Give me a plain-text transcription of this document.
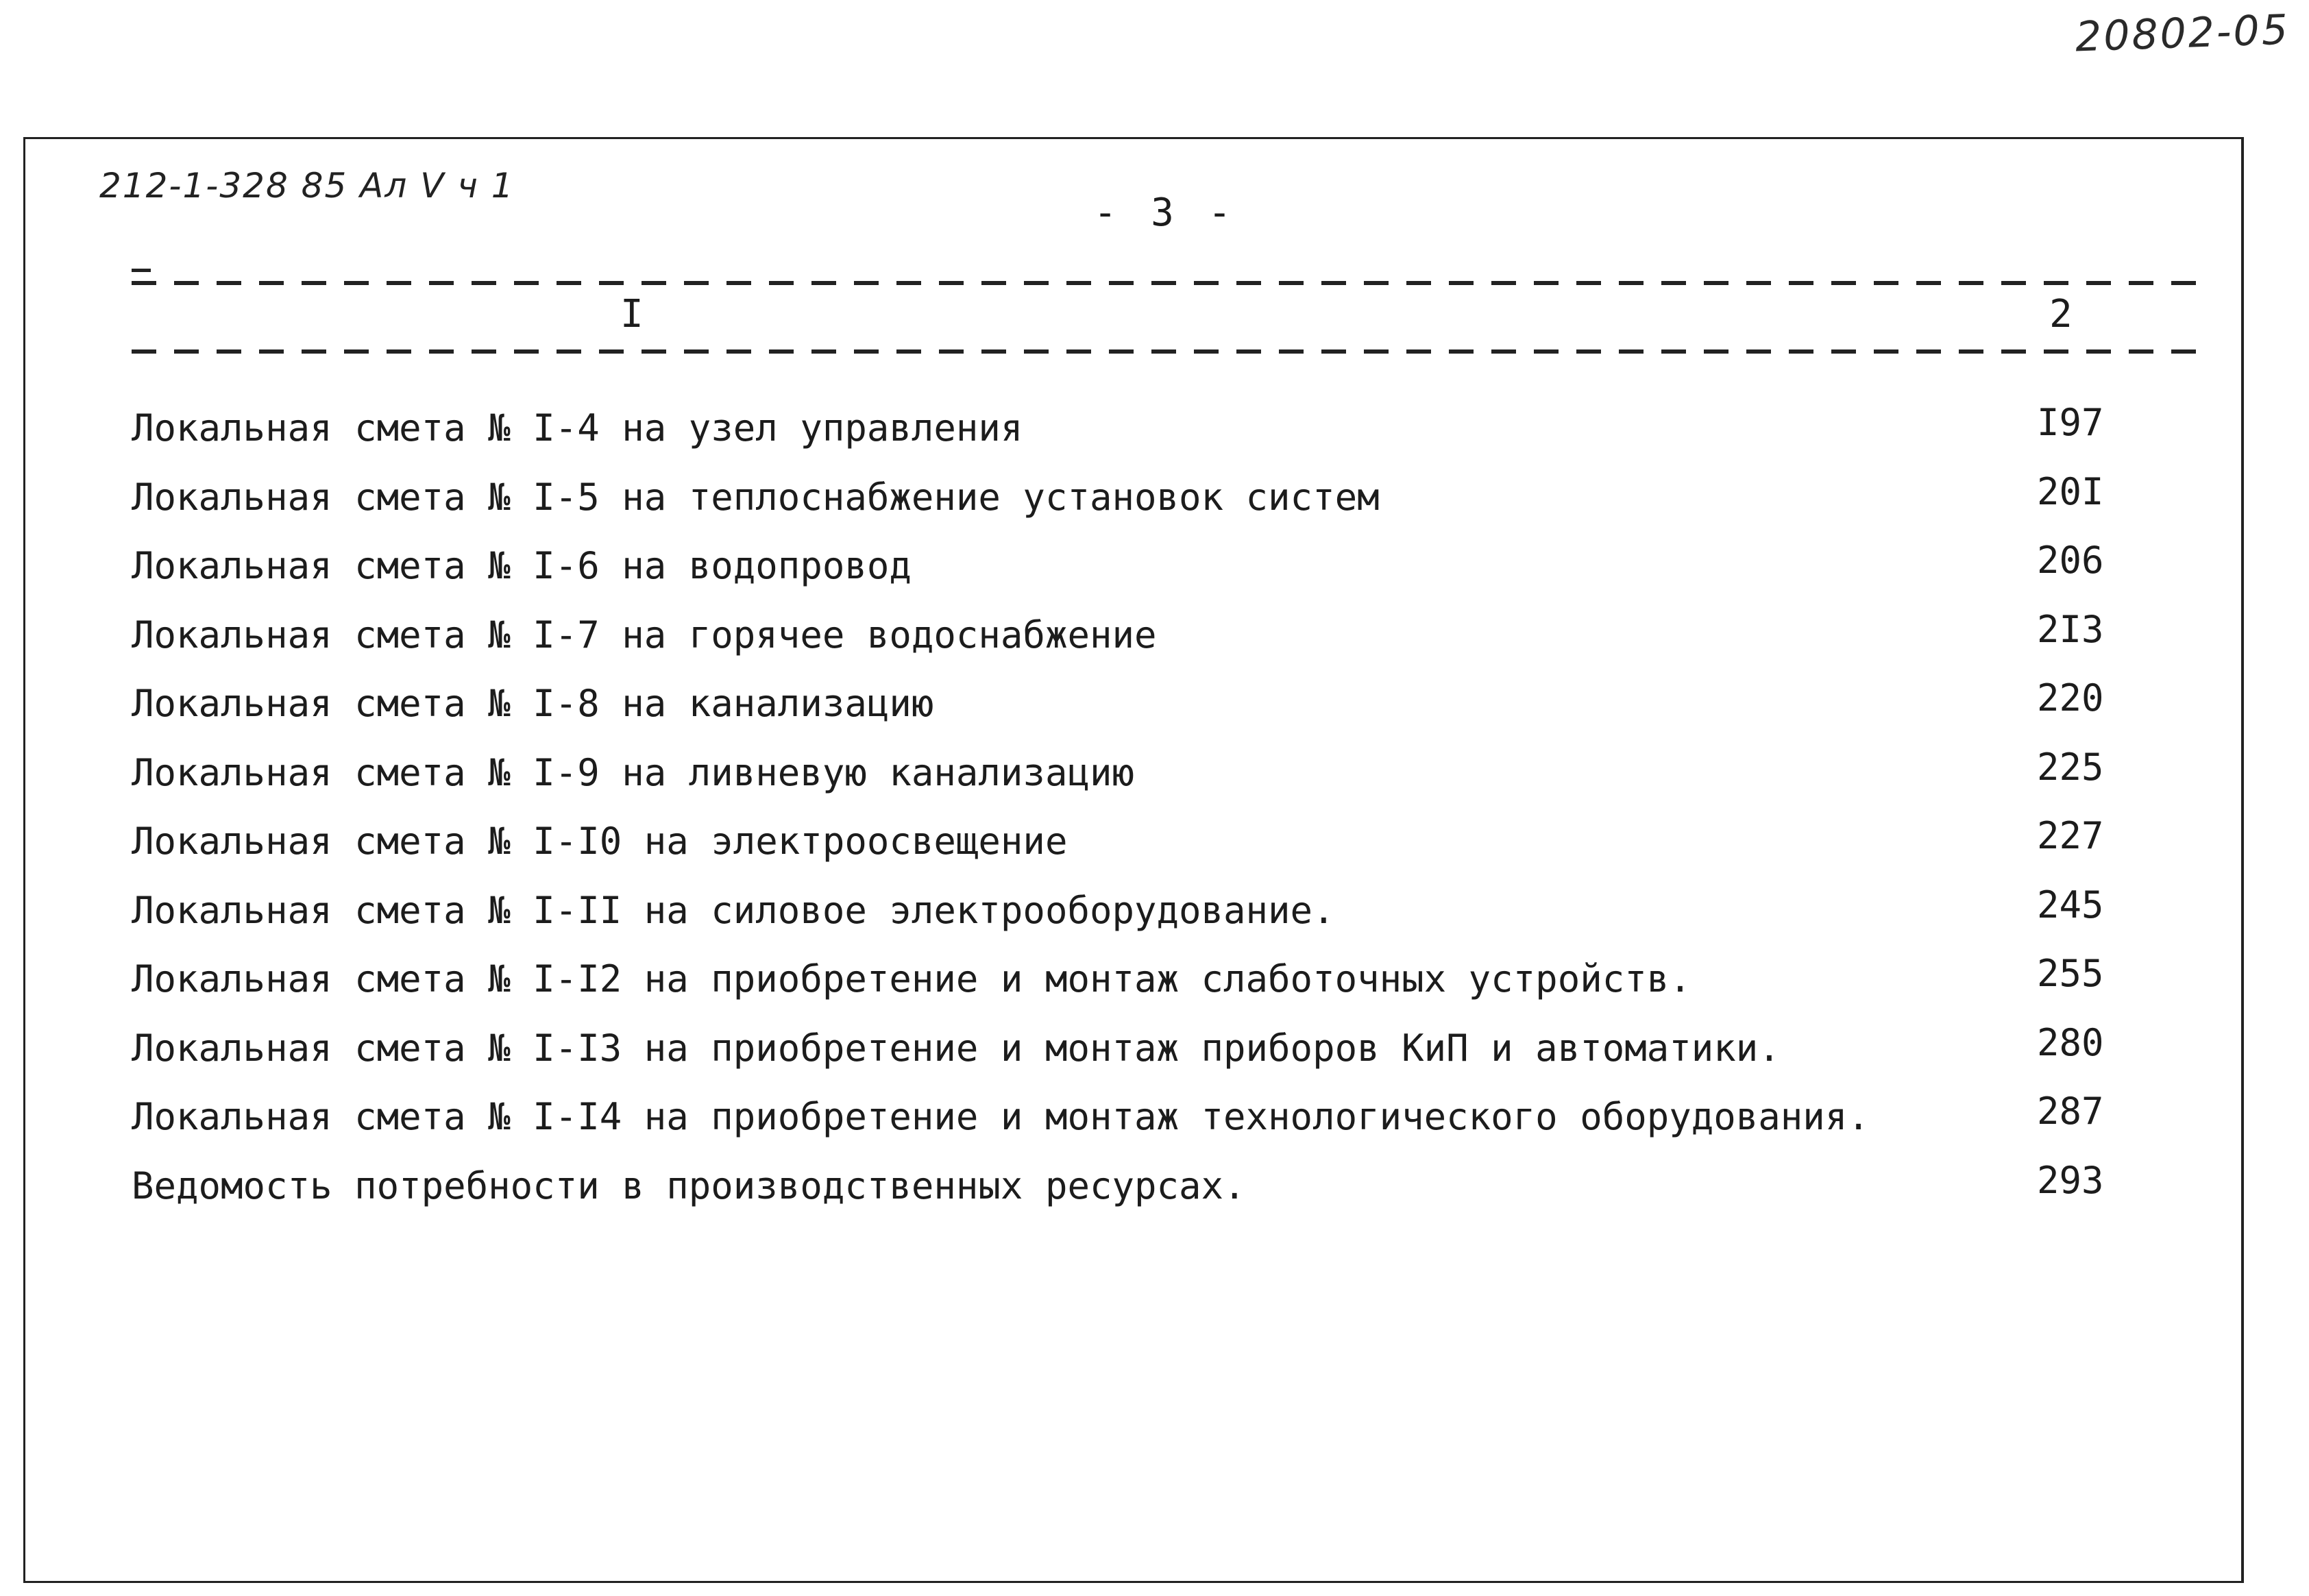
20802-05
212-1-328 85 Ал V ч 1
- 3 -
I	2
Локальная смета № I-4 на узел управления	I97
Локальная смета № I-5 на теплоснабжение установок систем	20I
Локальная смета № I-6 на водопровод	206
Локальная смета № I-7 на горячее водоснабжение	2I3
Локальная смета № I-8 на канализацию	220
Локальная смета № I-9 на ливневую канализацию	225
Локальная смета № I-I0 на электроосвещение	227
Локальная смета № I-II на силовое электрооборудование.	245
Локальная смета № I-I2 на приобретение и монтаж слаботочных устройств.	255
Локальная смета № I-I3 на приобретение и монтаж приборов КиП и автоматики.	280
Локальная смета № I-I4 на приобретение и монтаж технологического оборудования.	287
Ведомость потребности в производственных ресурсах.	293
